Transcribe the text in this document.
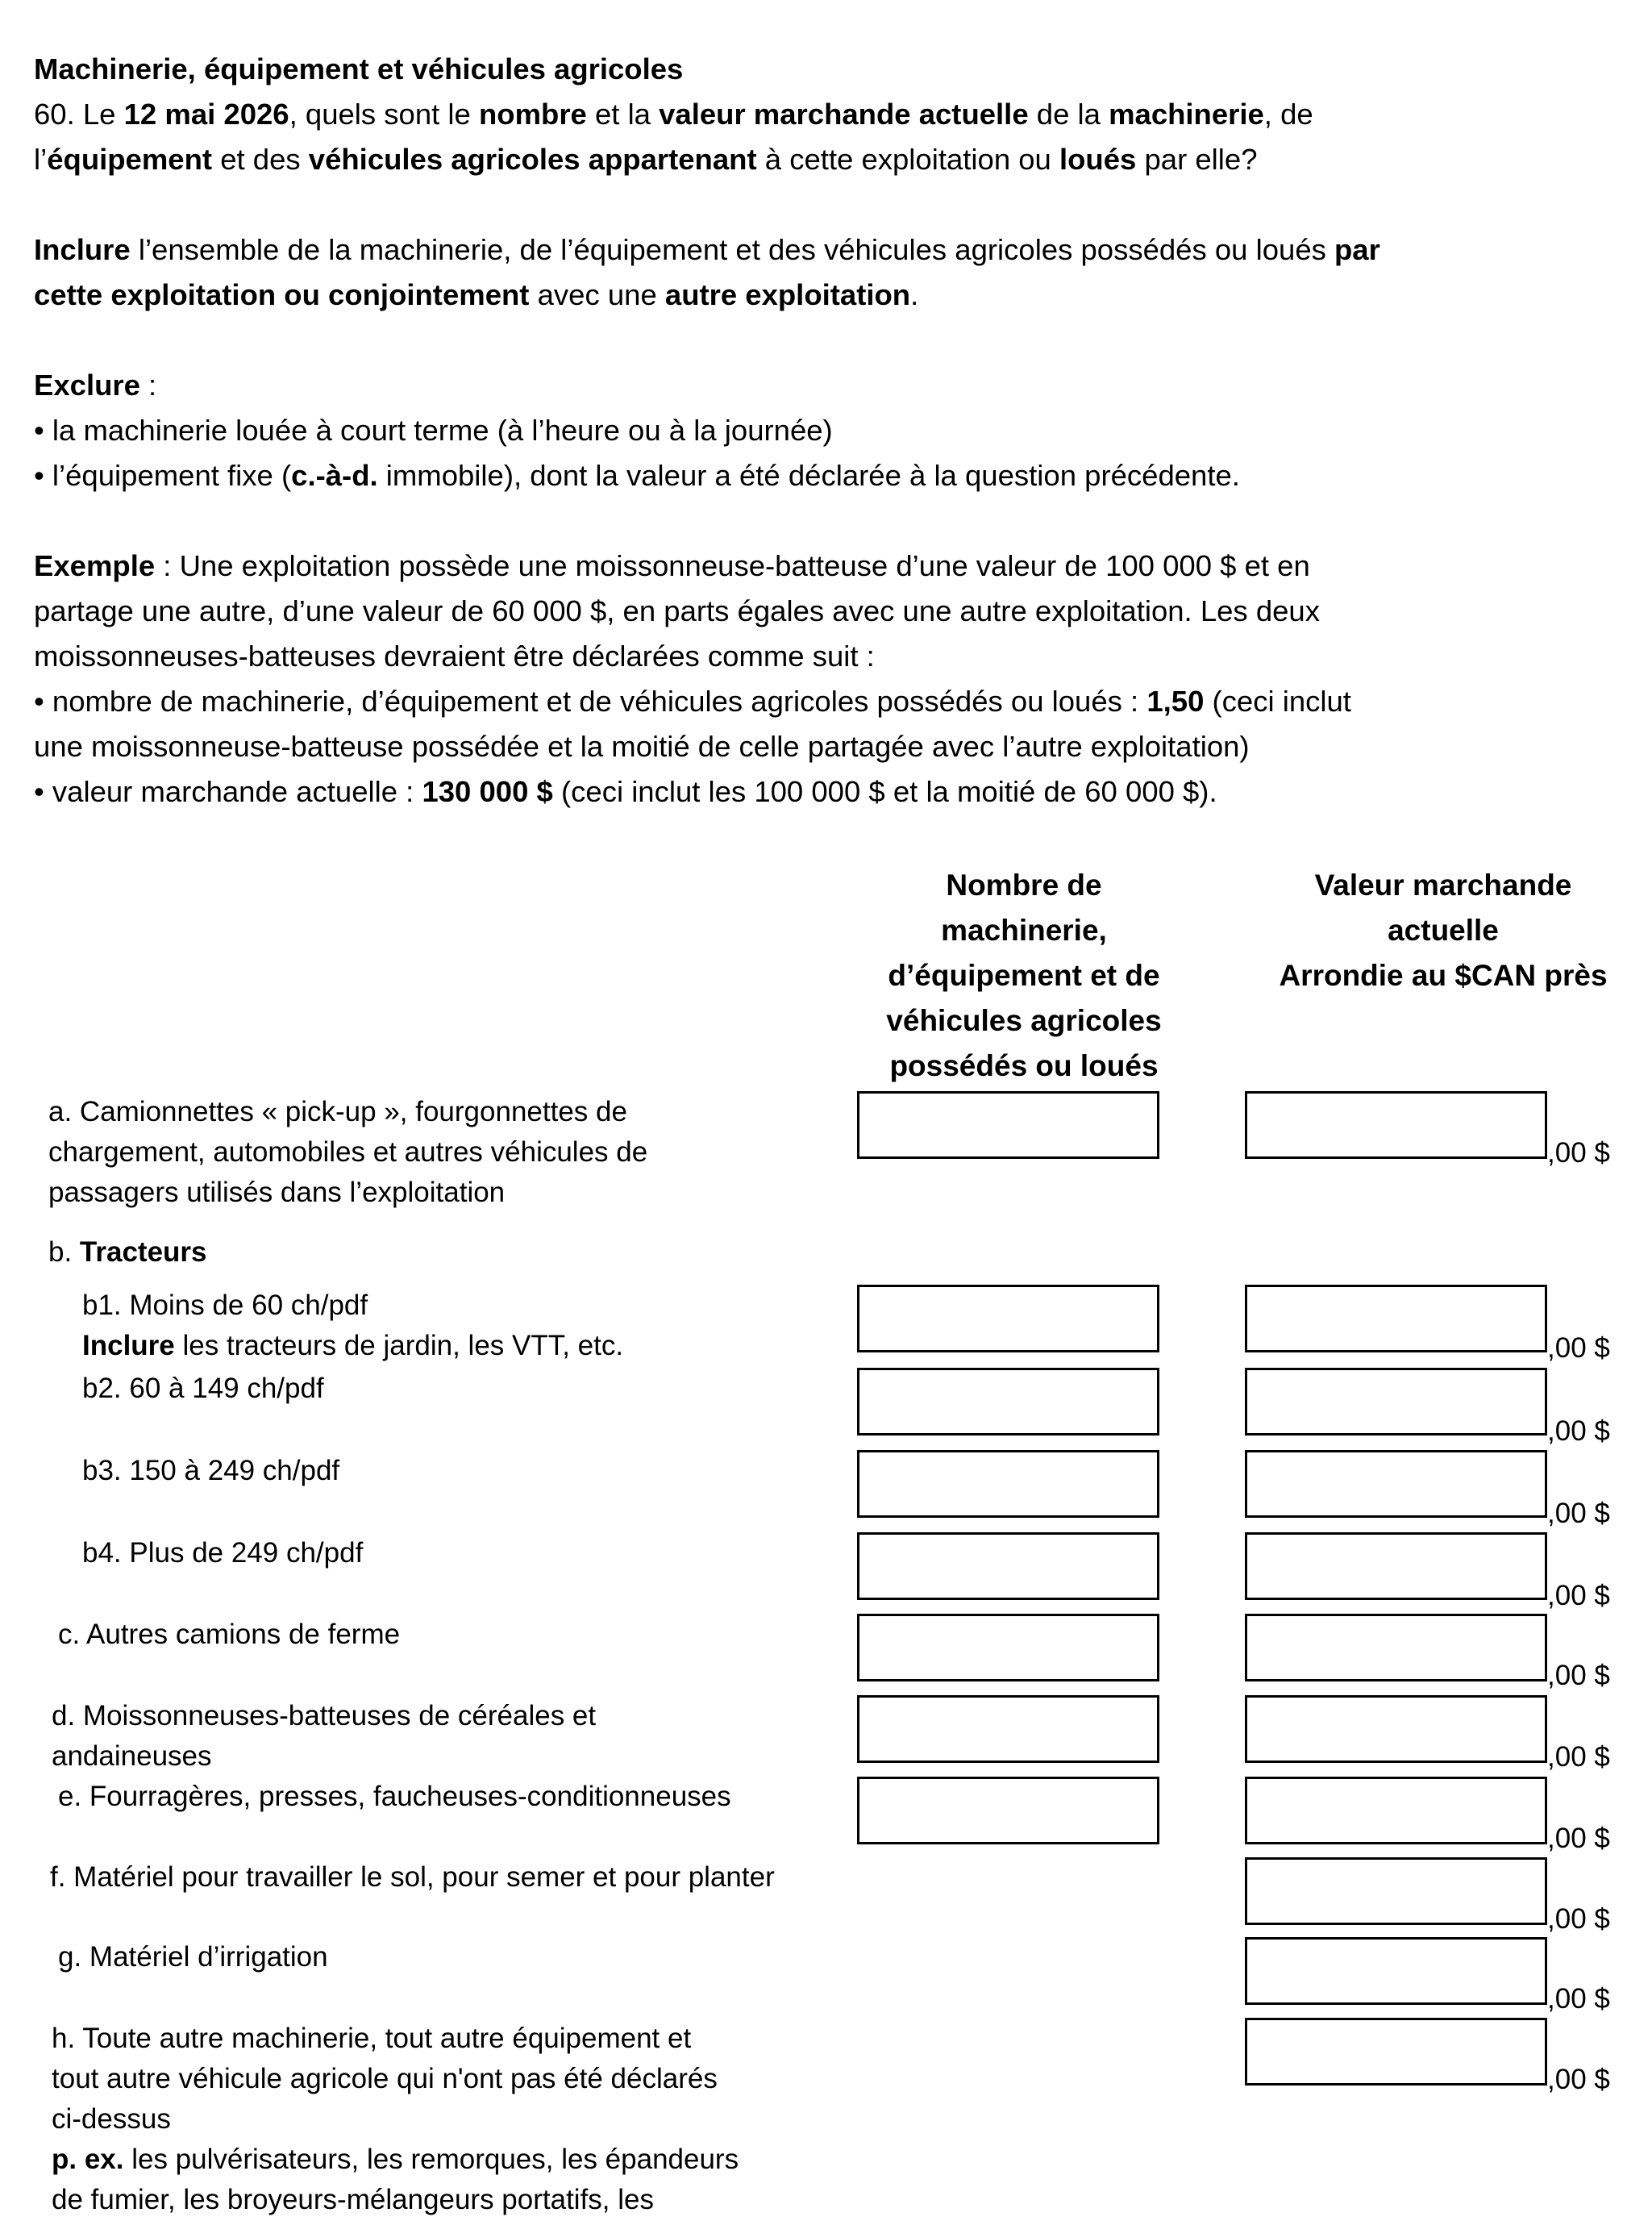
Machinerie, équipement et véhicules agricoles
60. Le 12 mai 2026, quels sont le nombre et la valeur marchande actuelle de la machinerie, de
l’équipement et des véhicules agricoles appartenant à cette exploitation ou loués par elle?
Inclure l’ensemble de la machinerie, de l’équipement et des véhicules agricoles possédés ou loués par
cette exploitation ou conjointement avec une autre exploitation.
Exclure :
• la machinerie louée à court terme (à l’heure ou à la journée)
• l’équipement fixe (c.-à-d. immobile), dont la valeur a été déclarée à la question précédente.
Exemple : Une exploitation possède une moissonneuse-batteuse d’une valeur de 100 000 $ et en
partage une autre, d’une valeur de 60 000 $, en parts égales avec une autre exploitation. Les deux
moissonneuses-batteuses devraient être déclarées comme suit :
• nombre de machinerie, d’équipement et de véhicules agricoles possédés ou loués : 1,50 (ceci inclut
une moissonneuse-batteuse possédée et la moitié de celle partagée avec l’autre exploitation)
• valeur marchande actuelle : 130 000 $ (ceci inclut les 100 000 $ et la moitié de 60 000 $).
Nombre de
machinerie,
d’équipement et de
véhicules agricoles
possédés ou loués
Valeur marchande
actuelle
Arrondie au $CAN près
a. Camionnettes « pick-up », fourgonnettes de
chargement, automobiles et autres véhicules de
passagers utilisés dans l’exploitation
,00 $
b. Tracteurs
b1. Moins de 60 ch/pdf
Inclure les tracteurs de jardin, les VTT, etc.	,00 $
b2. 60 à 149 ch/pdf
,00 $
b3. 150 à 249 ch/pdf
,00 $
b4. Plus de 249 ch/pdf
,00 $
c. Autres camions de ferme
,00 $
d. Moissonneuses-batteuses de céréales et
andaineuses	,00 $
e. Fourragères, presses, faucheuses-conditionneuses
,00 $
f. Matériel pour travailler le sol, pour semer et pour planter
,00 $
g. Matériel d’irrigation
,00 $
h. Toute autre machinerie, tout autre équipement et
tout autre véhicule agricole qui n'ont pas été déclarés
ci-dessus
p. ex. les pulvérisateurs, les remorques, les épandeurs
de fumier, les broyeurs-mélangeurs portatifs, les
,00 $
